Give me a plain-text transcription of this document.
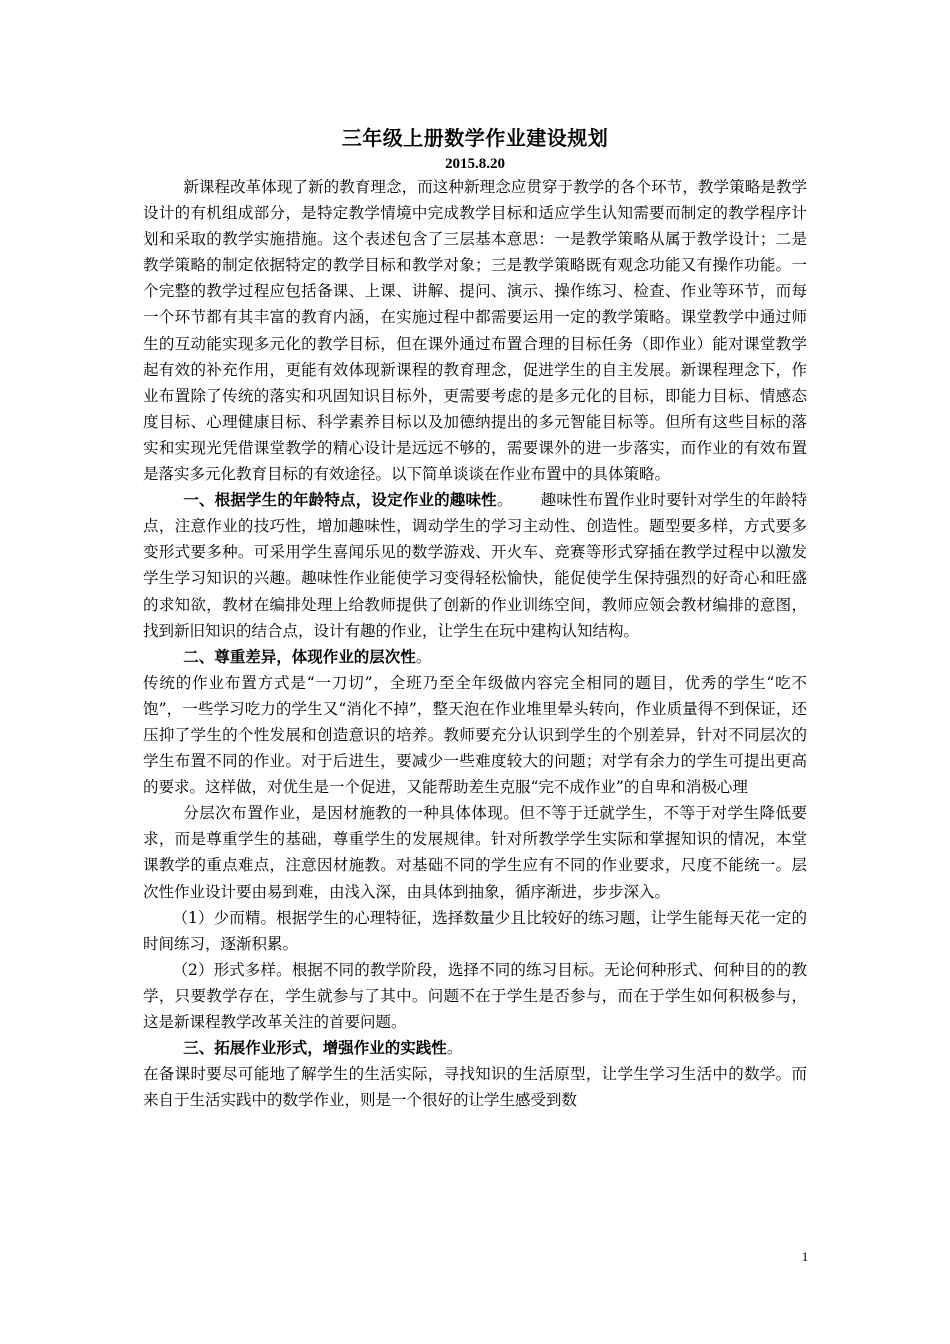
三年级上册数学作业建设规划
2015.8.20

新课程改革体现了新的教育理念，而这种新理念应贯穿于教学的各个环节，教学策略是教学设计的有机组成部分，是特定教学情境中完成教学目标和适应学生认知需要而制定的教学程序计划和采取的教学实施措施。这个表述包含了三层基本意思：一是教学策略从属于教学设计；二是教学策略的制定依据特定的教学目标和教学对象；三是教学策略既有观念功能又有操作功能。一个完整的教学过程应包括备课、上课、讲解、提问、演示、操作练习、检查、作业等环节，而每一个环节都有其丰富的教育内涵，在实施过程中都需要运用一定的教学策略。课堂教学中通过师生的互动能实现多元化的教学目标，但在课外通过布置合理的目标任务（即作业）能对课堂教学起有效的补充作用，更能有效体现新课程的教育理念，促进学生的自主发展。新课程理念下，作业布置除了传统的落实和巩固知识目标外，更需要考虑的是多元化的目标，即能力目标、情感态度目标、心理健康目标、科学素养目标以及加德纳提出的多元智能目标等。但所有这些目标的落实和实现光凭借课堂教学的精心设计是远远不够的，需要课外的进一步落实，而作业的有效布置是落实多元化教育目标的有效途径。以下简单谈谈在作业布置中的具体策略。

一、根据学生的年龄特点，设定作业的趣味性。 趣味性布置作业时要针对学生的年龄特点，注意作业的技巧性，增加趣味性，调动学生的学习主动性、创造性。题型要多样，方式要多变形式要多种。可采用学生喜闻乐见的数学游戏、开火车、竞赛等形式穿插在教学过程中以激发学生学习知识的兴趣。趣味性作业能使学习变得轻松愉快，能促使学生保持强烈的好奇心和旺盛的求知欲，教材在编排处理上给教师提供了创新的作业训练空间，教师应领会教材编排的意图，找到新旧知识的结合点，设计有趣的作业，让学生在玩中建构认知结构。

二、尊重差异，体现作业的层次性。

传统的作业布置方式是“一刀切”，全班乃至全年级做内容完全相同的题目，优秀的学生“吃不饱”，一些学习吃力的学生又“消化不掉”，整天泡在作业堆里晕头转向，作业质量得不到保证，还压抑了学生的个性发展和创造意识的培养。教师要充分认识到学生的个别差异，针对不同层次的学生布置不同的作业。对于后进生，要减少一些难度较大的问题；对学有余力的学生可提出更高的要求。这样做，对优生是一个促进，又能帮助差生克服“完不成作业”的自卑和消极心理

分层次布置作业，是因材施教的一种具体体现。但不等于迁就学生，不等于对学生降低要求，而是尊重学生的基础，尊重学生的发展规律。针对所教学学生实际和掌握知识的情况，本堂课教学的重点难点，注意因材施教。对基础不同的学生应有不同的作业要求，尺度不能统一。层次性作业设计要由易到难，由浅入深，由具体到抽象，循序渐进，步步深入。

（1）少而精。根据学生的心理特征，选择数量少且比较好的练习题，让学生能每天花一定的时间练习，逐渐积累。

（2）形式多样。根据不同的教学阶段，选择不同的练习目标。无论何种形式、何种目的的教学，只要教学存在，学生就参与了其中。问题不在于学生是否参与，而在于学生如何积极参与，这是新课程教学改革关注的首要问题。

三、拓展作业形式，增强作业的实践性。

在备课时要尽可能地了解学生的生活实际，寻找知识的生活原型，让学生学习生活中的数学。而来自于生活实践中的数学作业，则是一个很好的让学生感受到数

1
